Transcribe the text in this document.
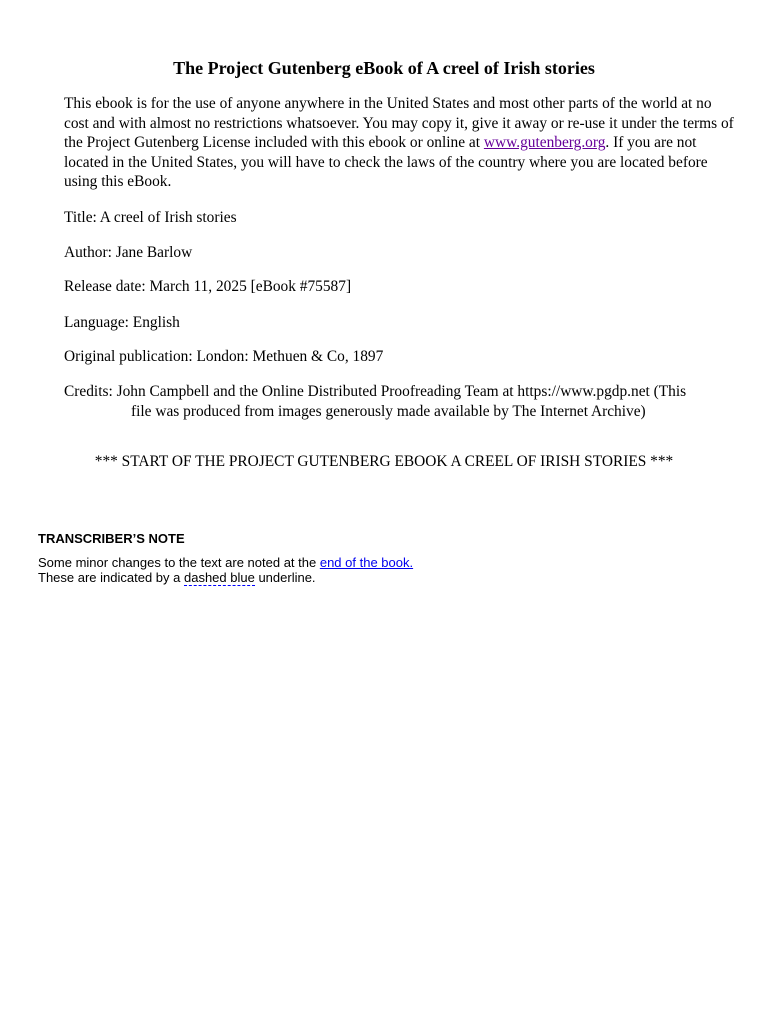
The Project Gutenberg eBook of A creel of Irish stories

This ebook is for the use of anyone anywhere in the United States and most other parts of the world at no cost and with almost no restrictions whatsoever. You may copy it, give it away or re-use it under the terms of the Project Gutenberg License included with this ebook or online at www.gutenberg.org. If you are not located in the United States, you will have to check the laws of the country where you are located before using this eBook.

Title: A creel of Irish stories

Author: Jane Barlow

Release date: March 11, 2025 [eBook #75587]

Language: English

Original publication: London: Methuen & Co, 1897

Credits: John Campbell and the Online Distributed Proofreading Team at https://www.pgdp.net (This
file was produced from images generously made available by The Internet Archive)

*** START OF THE PROJECT GUTENBERG EBOOK A CREEL OF IRISH STORIES ***

TRANSCRIBER’S NOTE

Some minor changes to the text are noted at the end of the book.

These are indicated by a dashed blue underline.
